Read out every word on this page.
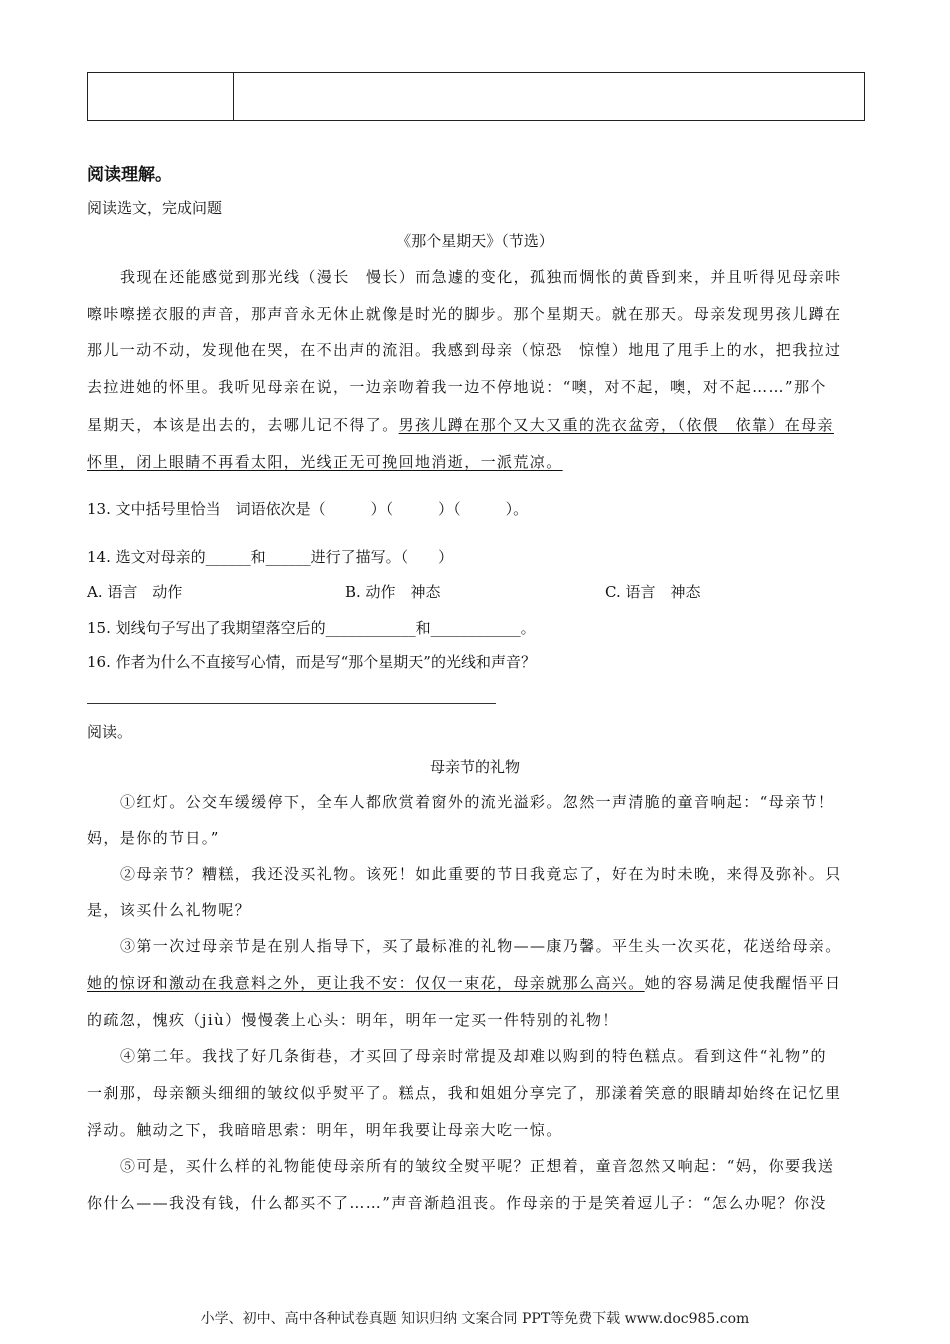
阅读理解。
阅读选文，完成问题
《那个星期天》（节选）
我现在还能感觉到那光线（漫长　慢长）而急遽的变化，孤独而惆怅的黄昏到来，并且听得见母亲咔
嚓咔嚓搓衣服的声音，那声音永无休止就像是时光的脚步。那个星期天。就在那天。母亲发现男孩儿蹲在
那儿一动不动，发现他在哭，在不出声的流泪。我感到母亲（惊恐　惊惶）地甩了甩手上的水，把我拉过
去拉进她的怀里。我听见母亲在说，一边亲吻着我一边不停地说：“噢，对不起，噢，对不起……”那个
星期天，本该是出去的，去哪儿记不得了。男孩儿蹲在那个又大又重的洗衣盆旁，（依偎　依靠）在母亲
怀里，闭上眼睛不再看太阳，光线正无可挽回地消逝，一派荒凉。
13. 文中括号里恰当　词语依次是（　　　）（　　　）（　　　）。
14. 选文对母亲的______和______进行了描写。（　　）
A. 语言　动作	B. 动作　神态	C. 语言　神态
15. 划线句子写出了我期望落空后的____________和____________。
16. 作者为什么不直接写心情，而是写“那个星期天”的光线和声音？
阅读。
母亲节的礼物
①红灯。公交车缓缓停下，全车人都欣赏着窗外的流光溢彩。忽然一声清脆的童音响起：“母亲节！
妈，是你的节日。”
②母亲节？糟糕，我还没买礼物。该死！如此重要的节日我竟忘了，好在为时未晚，来得及弥补。只
是，该买什么礼物呢？
③第一次过母亲节是在别人指导下，买了最标准的礼物——康乃馨。平生头一次买花，花送给母亲。
她的惊讶和激动在我意料之外，更让我不安：仅仅一束花，母亲就那么高兴。她的容易满足使我醒悟平日
的疏忽，愧疚（jiù）慢慢袭上心头：明年，明年一定买一件特别的礼物！
④第二年。我找了好几条街巷，才买回了母亲时常提及却难以购到的特色糕点。看到这件“礼物”的
一刹那，母亲额头细细的皱纹似乎熨平了。糕点，我和姐姐分享完了，那漾着笑意的眼睛却始终在记忆里
浮动。触动之下，我暗暗思索：明年，明年我要让母亲大吃一惊。
⑤可是，买什么样的礼物能使母亲所有的皱纹全熨平呢？正想着，童音忽然又响起：“妈，你要我送
你什么——我没有钱，什么都买不了……”声音渐趋沮丧。作母亲的于是笑着逗儿子：“怎么办呢？你没
小学、初中、高中各种试卷真题 知识归纳 文案合同 PPT等免费下载 www.doc985.com
